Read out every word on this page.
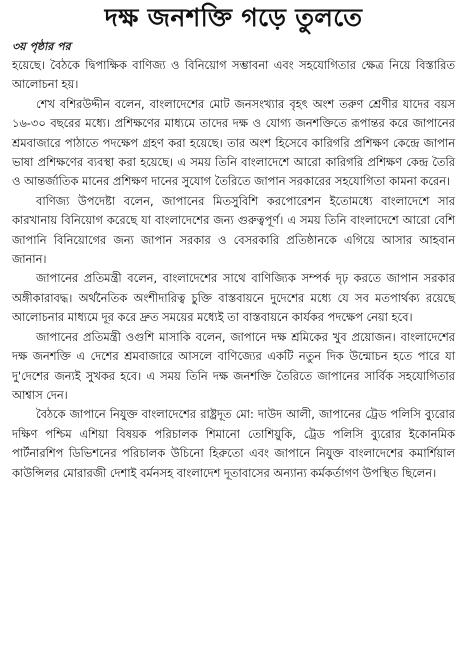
দক্ষ জনশক্তি গড়ে তুলতে
৩য় পৃষ্ঠার পর

হয়েছে। বৈঠকে দ্বিপাক্ষিক বাণিজ্য ও বিনিয়োগ সম্ভাবনা এবং সহযোগিতার ক্ষেত্র নিয়ে বিস্তারিত আলোচনা হয়।

শেখ বশিরউদ্দীন বলেন, বাংলাদেশের মোট জনসংখ্যার বৃহৎ অংশ তরুণ শ্রেণীর যাদের বয়স ১৬-৩০ বছরের মধ্যে। প্রশিক্ষণের মাধ্যমে তাদের দক্ষ ও যোগ্য জনশক্তিতে রূপান্তর করে জাপানের শ্রমবাজারে পাঠাতে পদক্ষেপ গ্রহণ করা হয়েছে। তার অংশ হিসেবে কারিগরি প্রশিক্ষণ কেন্দ্রে জাপান ভাষা প্রশিক্ষণের ব্যবস্থা করা হয়েছে। এ সময় তিনি বাংলাদেশে আরো কারিগরি প্রশিক্ষণ কেন্দ্র তৈরি ও আন্তর্জাতিক মানের প্রশিক্ষণ দানের সুযোগ তৈরিতে জাপান সরকারের সহযোগিতা কামনা করেন।

বাণিজ্য উপদেষ্টা বলেন, জাপানের মিতসুবিশি করপোরেশন ইতোমধ্যে বাংলাদেশে সার কারখানায় বিনিয়োগ করেছে যা বাংলাদেশের জন্য গুরুত্বপূর্ণ। এ সময় তিনি বাংলাদেশে আরো বেশি জাপানি বিনিয়োগের জন্য জাপান সরকার ও বেসরকারি প্রতিষ্ঠানকে এগিয়ে আসার আহবান জানান।

জাপানের প্রতিমন্ত্রী বলেন, বাংলাদেশের সাথে বাণিজ্যিক সম্পর্ক দৃঢ় করতে জাপান সরকার অঙ্গীকারাবদ্ধ। অর্থনৈতিক অংশীদারিত্ব চুক্তি বাস্তবায়নে দুদেশের মধ্যে যে সব মতপার্থক্য রয়েছে আলোচনার মাধ্যমে দূর করে দ্রুত সময়ের মধ্যেই তা বাস্তবায়নে কার্যকর পদক্ষেপ নেয়া হবে।

জাপানের প্রতিমন্ত্রী ওগুশি মাসাকি বলেন, জাপানে দক্ষ শ্রমিকের খুব প্রয়োজন। বাংলাদেশের দক্ষ জনশক্তি এ দেশের শ্রমবাজারে আসলে বাণিজ্যের একটি নতুন দিক উন্মোচন হতে পারে যা দু'দেশের জন্যই সুখকর হবে। এ সময় তিনি দক্ষ জনশক্তি তৈরিতে জাপানের সার্বিক সহযোগিতার আশ্বাস দেন।

বৈঠকে জাপানে নিযুক্ত বাংলাদেশের রাষ্ট্রদূত মো: দাউদ আলী, জাপানের ট্রেড পলিসি ব্যুরোর দক্ষিণ পশ্চিম এশিয়া বিষয়ক পরিচালক শিমানো তোশিয়ুকি, ট্রেড পলিসি ব্যুরোর ইকোনমিক পার্টনারশিপ ডিভিশনের পরিচালক উচিনো হিরুতো এবং জাপানে নিযুক্ত বাংলাদেশের কমার্শিয়াল কাউন্সিলর মোরারজী দেশাই বর্মনসহ বাংলাদেশ দূতাবাসের অন্যান্য কর্মকর্তাগণ উপস্থিত ছিলেন।
